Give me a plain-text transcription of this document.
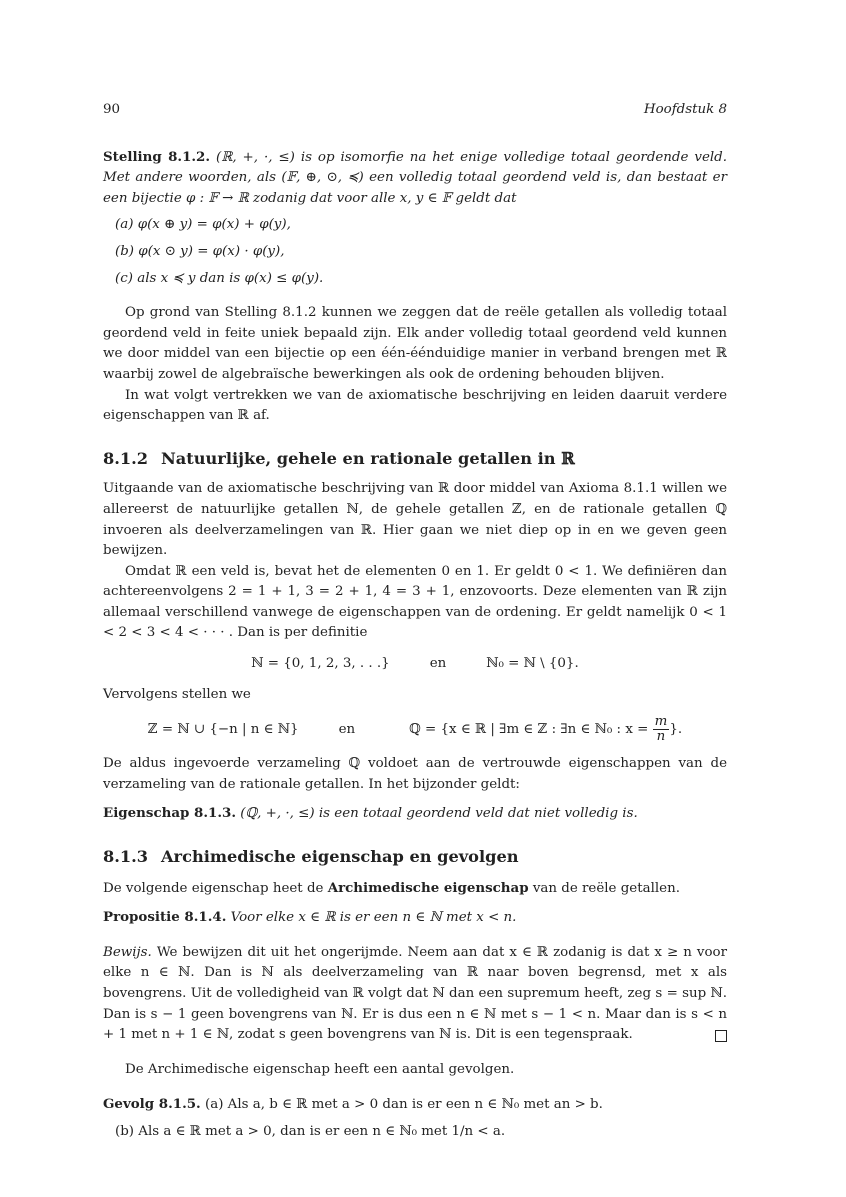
90	Hoofdstuk 8

Stelling 8.1.2. (ℝ, +, ·, ≤) is op isomorfie na het enige volledige totaal geordende veld. Met andere woorden, als (𝔽, ⊕, ⊙, ≼) een volledig totaal geordend veld is, dan bestaat er een bijectie φ : 𝔽 → ℝ zodanig dat voor alle x, y ∈ 𝔽 geldt dat

(a) φ(x ⊕ y) = φ(x) + φ(y),
(b) φ(x ⊙ y) = φ(x) · φ(y),
(c) als x ≼ y dan is φ(x) ≤ φ(y).

Op grond van Stelling 8.1.2 kunnen we zeggen dat de reële getallen als volledig totaal geordend veld in feite uniek bepaald zijn. Elk ander volledig totaal geordend veld kunnen we door middel van een bijectie op een één-éénduidige manier in verband brengen met ℝ waarbij zowel de algebraïsche bewerkingen als ook de ordening behouden blijven.

In wat volgt vertrekken we van de axiomatische beschrijving en leiden daaruit verdere eigenschappen van ℝ af.

8.1.2 Natuurlijke, gehele en rationale getallen in ℝ

Uitgaande van de axiomatische beschrijving van ℝ door middel van Axioma 8.1.1 willen we allereerst de natuurlijke getallen ℕ, de gehele getallen ℤ, en de rationale getallen ℚ invoeren als deelverzamelingen van ℝ. Hier gaan we niet diep op in en we geven geen bewijzen.

Omdat ℝ een veld is, bevat het de elementen 0 en 1. Er geldt 0 < 1. We definiëren dan achtereenvolgens 2 = 1 + 1, 3 = 2 + 1, 4 = 3 + 1, enzovoorts. Deze elementen van ℝ zijn allemaal verschillend vanwege de eigenschappen van de ordening. Er geldt namelijk 0 < 1 < 2 < 3 < 4 < · · · . Dan is per definitie

ℕ = {0, 1, 2, 3, . . .}	en	ℕ₀ = ℕ \ {0}.

Vervolgens stellen we

ℤ = ℕ ∪ {−n | n ∈ ℕ}	en	ℚ = {x ∈ ℝ | ∃m ∈ ℤ : ∃n ∈ ℕ₀ : $x = \frac{m}{n}$ }.

De aldus ingevoerde verzameling ℚ voldoet aan de vertrouwde eigenschappen van de verzameling van de rationale getallen. In het bijzonder geldt:

Eigenschap 8.1.3. (ℚ, +, ·, ≤) is een totaal geordend veld dat niet volledig is.

8.1.3 Archimedische eigenschap en gevolgen

De volgende eigenschap heet de Archimedische eigenschap van de reële getallen.

Propositie 8.1.4. Voor elke x ∈ ℝ is er een n ∈ ℕ met x < n.

Bewijs. We bewijzen dit uit het ongerijmde. Neem aan dat x ∈ ℝ zodanig is dat x ≥ n voor elke n ∈ ℕ. Dan is ℕ als deelverzameling van ℝ naar boven begrensd, met x als bovengrens. Uit de volledigheid van ℝ volgt dat ℕ dan een supremum heeft, zeg s = sup ℕ. Dan is s − 1 geen bovengrens van ℕ. Er is dus een n ∈ ℕ met s − 1 < n. Maar dan is s < n + 1 met n + 1 ∈ ℕ, zodat s geen bovengrens van ℕ is. Dit is een tegenspraak.

De Archimedische eigenschap heeft een aantal gevolgen.

Gevolg 8.1.5. (a) Als a, b ∈ ℝ met a > 0 dan is er een n ∈ ℕ₀ met an > b.

(b) Als a ∈ ℝ met a > 0, dan is er een n ∈ ℕ₀ met 1/n < a.
